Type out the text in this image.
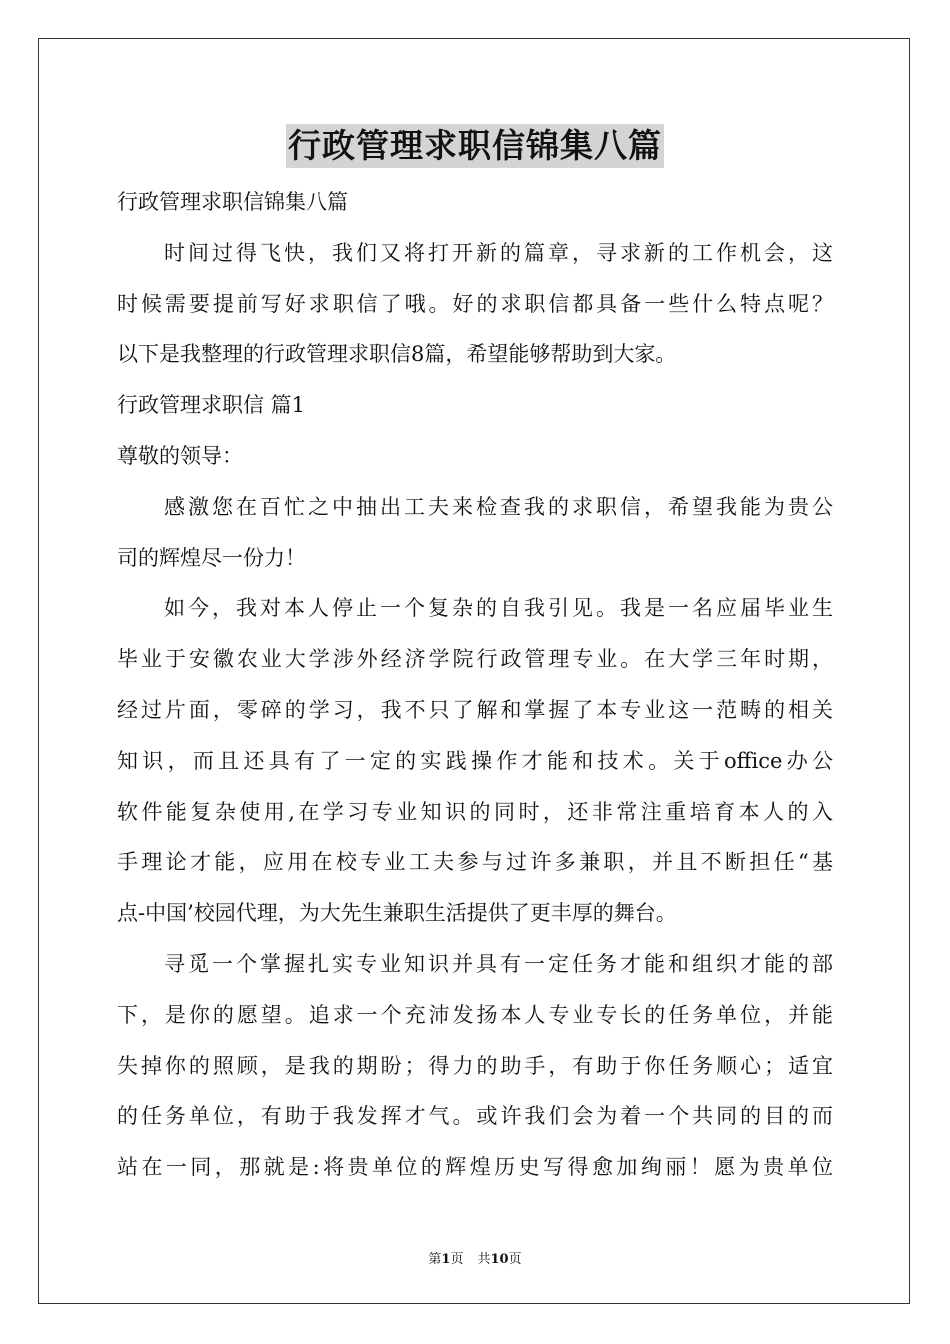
行政管理求职信锦集八篇
行政管理求职信锦集八篇
时间过得飞快，我们又将打开新的篇章，寻求新的工作机会，这
时候需要提前写好求职信了哦。好的求职信都具备一些什么特点呢？
以下是我整理的行政管理求职信8篇，希望能够帮助到大家。
行政管理求职信 篇1
尊敬的领导：
感激您在百忙之中抽出工夫来检查我的求职信，希望我能为贵公
司的辉煌尽一份力！
如今，我对本人停止一个复杂的自我引见。我是一名应届毕业生
毕业于安徽农业大学涉外经济学院行政管理专业。在大学三年时期，
经过片面，零碎的学习，我不只了解和掌握了本专业这一范畴的相关
知识，而且还具有了一定的实践操作才能和技术。关于office办公
软件能复杂使用,在学习专业知识的同时，还非常注重培育本人的入
手理论才能，应用在校专业工夫参与过许多兼职，并且不断担任“基
点-中国’校园代理，为大先生兼职生活提供了更丰厚的舞台。
寻觅一个掌握扎实专业知识并具有一定任务才能和组织才能的部
下，是你的愿望。追求一个充沛发扬本人专业专长的任务单位，并能
失掉你的照顾，是我的期盼；得力的助手，有助于你任务顺心；适宜
的任务单位，有助于我发挥才气。或许我们会为着一个共同的目的而
站在一同，那就是:将贵单位的辉煌历史写得愈加绚丽！愿为贵单位
第1页 共10页
